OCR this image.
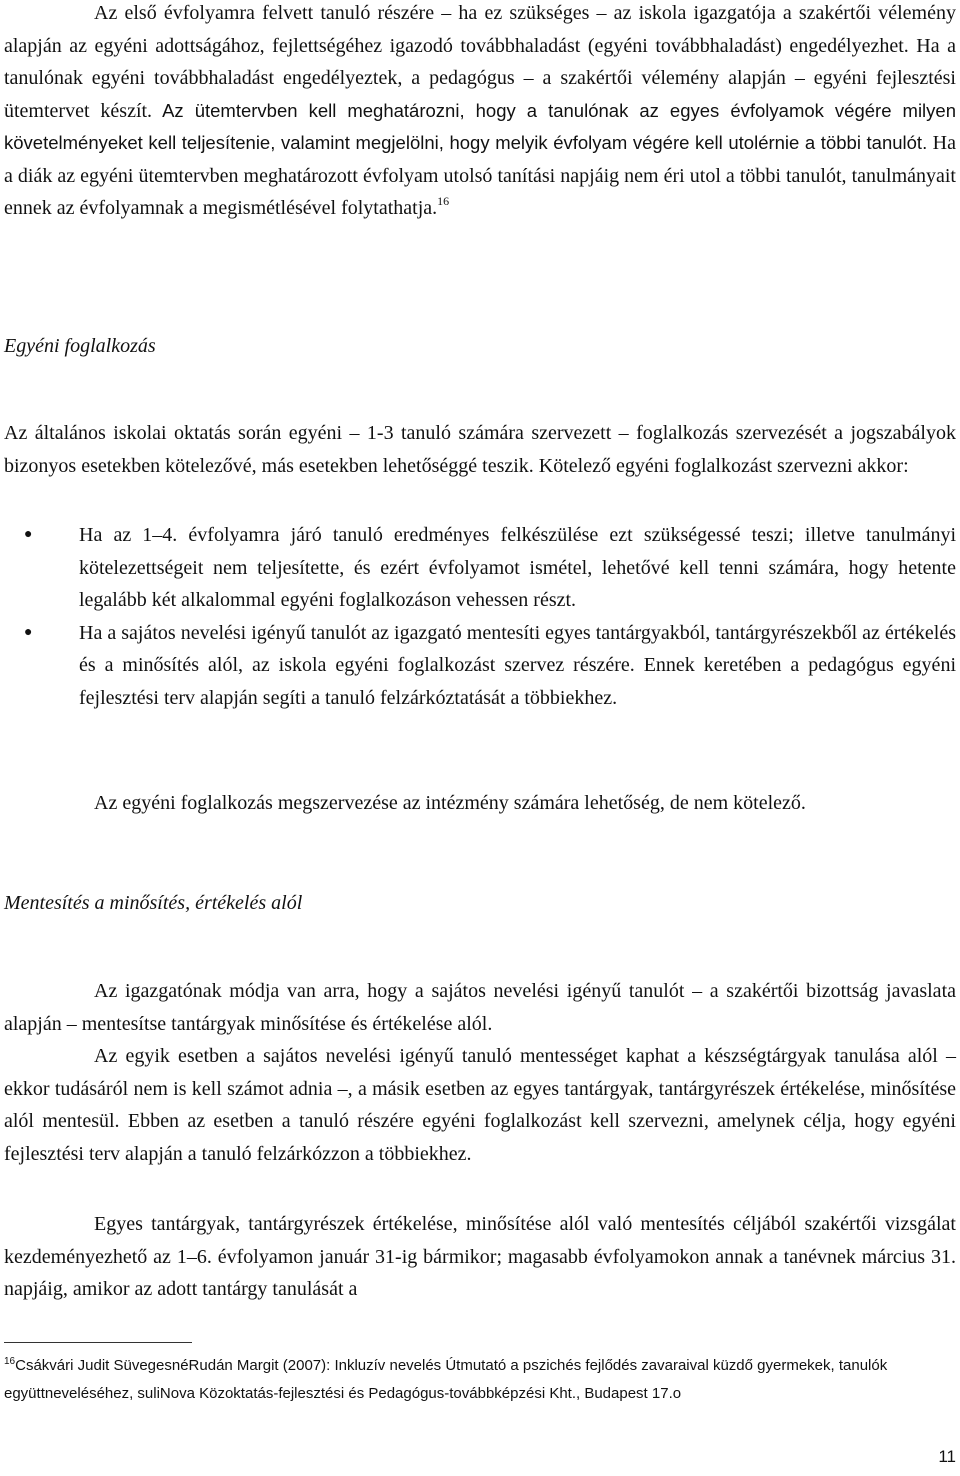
Az első évfolyamra felvett tanuló részére – ha ez szükséges – az iskola igazgatója a szakértői vélemény alapján az egyéni adottságához, fejlettségéhez igazodó továbbhaladást (egyéni továbbhaladást) engedélyezhet. Ha a tanulónak egyéni továbbhaladást engedélyeztek, a pedagógus – a szakértői vélemény alapján – egyéni fejlesztési ütemtervet készít. Az ütemtervben kell meghatározni, hogy a tanulónak az egyes évfolyamok végére milyen követelményeket kell teljesítenie, valamint megjelölni, hogy melyik évfolyam végére kell utolérnie a többi tanulót. Ha a diák az egyéni ütemtervben meghatározott évfolyam utolsó tanítási napjáig nem éri utol a többi tanulót, tanulmányait ennek az évfolyamnak a megismétlésével folytathatja.$^{16}$

Egyéni foglalkozás

Az általános iskolai oktatás során egyéni – 1-3 tanuló számára szervezett – foglalkozás szervezését a jogszabályok bizonyos esetekben kötelezővé, más esetekben lehetőséggé teszik. Kötelező egyéni foglalkozást szervezni akkor:

● Ha az 1–4. évfolyamra járó tanuló eredményes felkészülése ezt szükségessé teszi; illetve tanulmányi kötelezettségeit nem teljesítette, és ezért évfolyamot ismétel, lehetővé kell tenni számára, hogy hetente legalább két alkalommal egyéni foglalkozáson vehessen részt.
● Ha a sajátos nevelési igényű tanulót az igazgató mentesíti egyes tantárgyakból, tantárgyrészekből az értékelés és a minősítés alól, az iskola egyéni foglalkozást szervez részére. Ennek keretében a pedagógus egyéni fejlesztési terv alapján segíti a tanuló felzárkóztatását a többiekhez.

Az egyéni foglalkozás megszervezése az intézmény számára lehetőség, de nem kötelező.

Mentesítés a minősítés, értékelés alól

Az igazgatónak módja van arra, hogy a sajátos nevelési igényű tanulót – a szakértői bizottság javaslata alapján – mentesítse tantárgyak minősítése és értékelése alól.

Az egyik esetben a sajátos nevelési igényű tanuló mentességet kaphat a készségtárgyak tanulása alól – ekkor tudásáról nem is kell számot adnia –, a másik esetben az egyes tantárgyak, tantárgyrészek értékelése, minősítése alól mentesül. Ebben az esetben a tanuló részére egyéni foglalkozást kell szervezni, amelynek célja, hogy egyéni fejlesztési terv alapján a tanuló felzárkózzon a többiekhez.

Egyes tantárgyak, tantárgyrészek értékelése, minősítése alól való mentesítés céljából szakértői vizsgálat kezdeményezhető az 1–6. évfolyamon január 31-ig bármikor; magasabb évfolyamokon annak a tanévnek március 31. napjáig, amikor az adott tantárgy tanulását a

$^{16}$Csákvári Judit SüvegesnéRudán Margit (2007): Inkluzív nevelés Útmutató a pszichés fejlődés zavaraival küzdő gyermekek, tanulók együttneveléséhez, suliNova Közoktatás-fejlesztési és Pedagógus-továbbképzési Kht., Budapest 17.o

11
